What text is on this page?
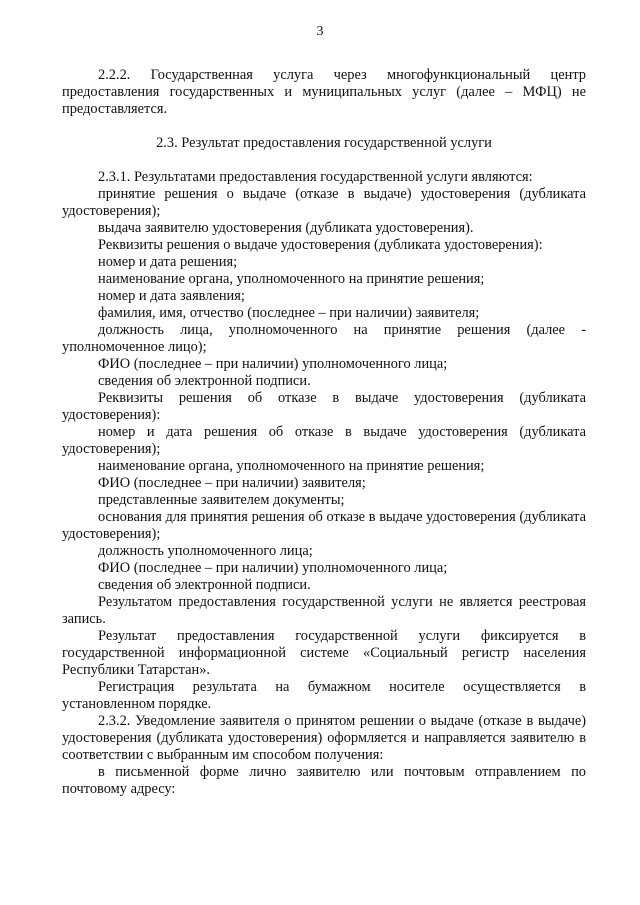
3

2.2.2. Государственная услуга через многофункциональный центр предоставления государственных и муниципальных услуг (далее – МФЦ) не предоставляется.

2.3. Результат предоставления государственной услуги

2.3.1. Результатами предоставления государственной услуги являются:

принятие решения о выдаче (отказе в выдаче) удостоверения (дубликата удостоверения);

выдача заявителю удостоверения (дубликата удостоверения).

Реквизиты решения о выдаче удостоверения (дубликата удостоверения):

номер и дата решения;

наименование органа, уполномоченного на принятие решения;

номер и дата заявления;

фамилия, имя, отчество (последнее – при наличии) заявителя;

должность лица, уполномоченного на принятие решения (далее - уполномоченное лицо);

ФИО (последнее – при наличии) уполномоченного лица;

сведения об электронной подписи.

Реквизиты решения об отказе в выдаче удостоверения (дубликата удостоверения):

номер и дата решения об отказе в выдаче удостоверения (дубликата удостоверения);

наименование органа, уполномоченного на принятие решения;

ФИО (последнее – при наличии) заявителя;

представленные заявителем документы;

основания для принятия решения об отказе в выдаче удостоверения (дубликата удостоверения);

должность уполномоченного лица;

ФИО (последнее – при наличии) уполномоченного лица;

сведения об электронной подписи.

Результатом предоставления государственной услуги не является реестровая запись.

Результат предоставления государственной услуги фиксируется в государственной информационной системе «Социальный регистр населения Республики Татарстан».

Регистрация результата на бумажном носителе осуществляется в установленном порядке.

2.3.2. Уведомление заявителя о принятом решении о выдаче (отказе в выдаче) удостоверения (дубликата удостоверения) оформляется и направляется заявителю в соответствии с выбранным им способом получения:

в письменной форме лично заявителю или почтовым отправлением по почтовому адресу:
